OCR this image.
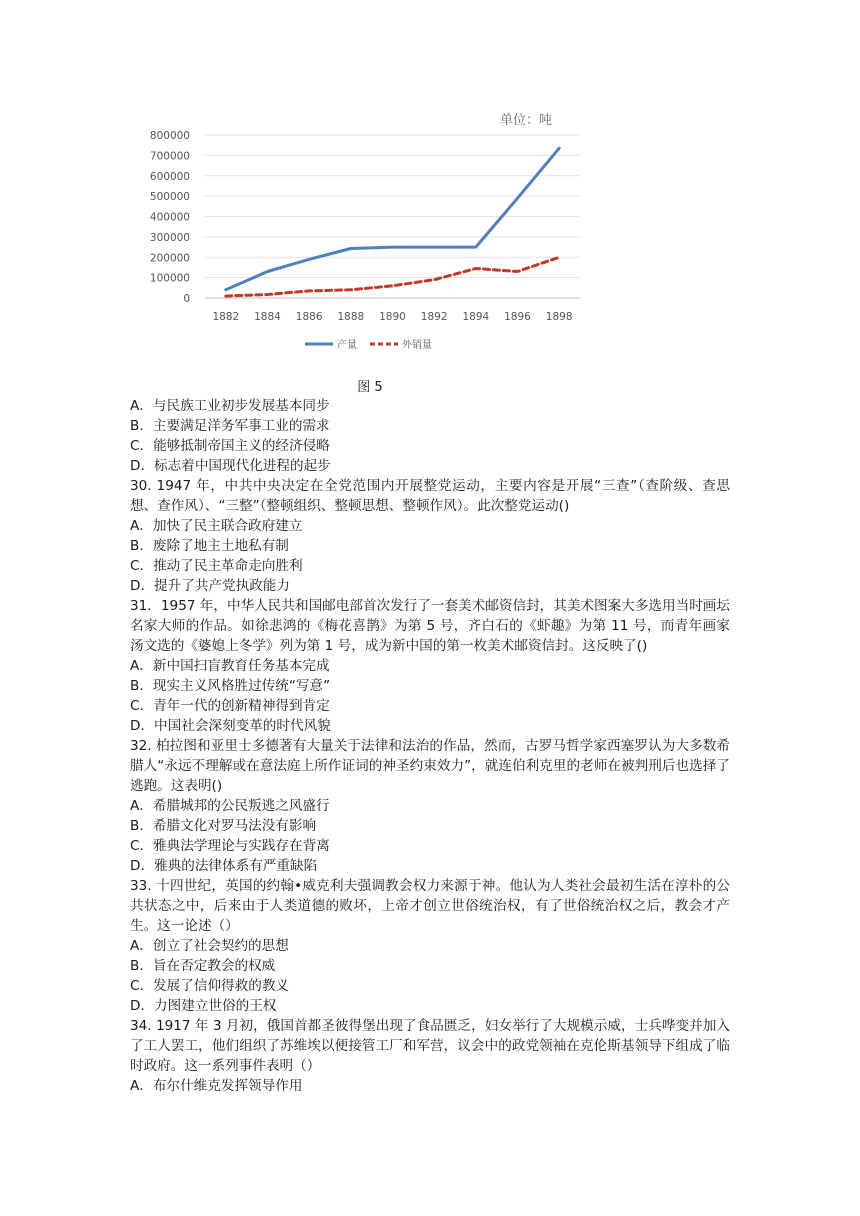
单位：吨
0
100000
200000
300000
400000
500000
600000
700000
800000
1882 1884 1886 1888 1890 1892 1894 1896 1898
产量	外销量
图 5

A．与民族工业初步发展基本同步

B．主要满足洋务军事工业的需求

C．能够抵制帝国主义的经济侵略

D．标志着中国现代化进程的起步

30. 1947 年，中共中央决定在全党范围内开展整党运动，主要内容是开展“三查”（查阶级、查思想、查作风）、“三整”（整顿组织、整顿思想、整顿作风）。此次整党运动()

A．加快了民主联合政府建立

B．废除了地主土地私有制

C．推动了民主革命走向胜利

D．提升了共产党执政能力

31．1957 年，中华人民共和国邮电部首次发行了一套美术邮资信封，其美术图案大多选用当时画坛名家大师的作品。如徐悲鸿的《梅花喜鹊》为第 5 号，齐白石的《虾趣》为第 11 号，而青年画家汤文选的《婆媳上冬学》列为第 1 号，成为新中国的第一枚美术邮资信封。这反映了()

A．新中国扫盲教育任务基本完成

B．现实主义风格胜过传统“写意”

C．青年一代的创新精神得到肯定

D．中国社会深刻变革的时代风貌

32. 柏拉图和亚里士多德著有大量关于法律和法治的作品，然而，古罗马哲学家西塞罗认为大多数希腊人“永远不理解或在意法庭上所作证词的神圣约束效力”，就连伯利克里的老师在被判刑后也选择了逃跑。这表明()

A．希腊城邦的公民叛逃之风盛行

B．希腊文化对罗马法没有影响

C．雅典法学理论与实践存在背离

D．雅典的法律体系有严重缺陷

33. 十四世纪，英国的约翰•威克利夫强调教会权力来源于神。他认为人类社会最初生活在淳朴的公共状态之中，后来由于人类道德的败坏，上帝才创立世俗统治权，有了世俗统治权之后，教会才产生。这一论述（）

A．创立了社会契约的思想

B．旨在否定教会的权威

C．发展了信仰得救的教义

D．力图建立世俗的王权

34. 1917 年 3 月初，俄国首都圣彼得堡出现了食品匮乏，妇女举行了大规模示威，士兵哗变并加入了工人罢工，他们组织了苏维埃以便接管工厂和军营，议会中的政党领袖在克伦斯基领导下组成了临时政府。这一系列事件表明（）

A．布尔什维克发挥领导作用
